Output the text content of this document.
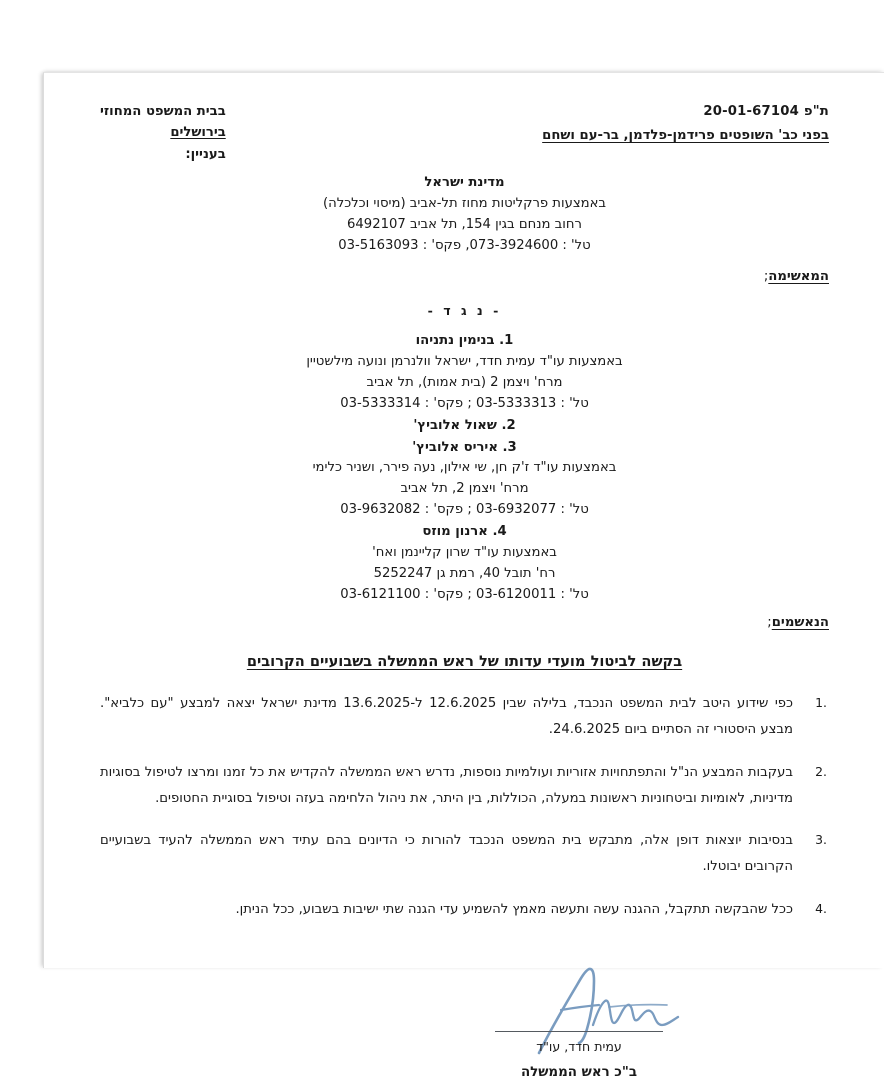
ת"פ 20-01-67104
בפני כב' השופטים פרידמן-פלדמן, בר-עם ושחם
בבית המשפט המחוזי
בירושלים
בעניין:
מדינת ישראל
באמצעות פרקליטות מחוז תל-אביב (מיסוי וכלכלה)
רחוב מנחם בגין 154, תל אביב 6492107
טל' : 073-3924600, פקס' : 03-5163093
המאשימה;
- נ ג ד -
1. בנימין נתניהו
באמצעות עו"ד עמית חדד, ישראל וולנרמן ונועה מילשטיין
מרח' ויצמן 2 (בית אמות), תל אביב
טל' : 03-5333313 ; פקס' : 03-5333314
2. שאול אלוביץ'
3. איריס אלוביץ'
באמצעות עו"ד ז'ק חן, שי אילון, נעה פירר, ושניר כלימי
מרח' ויצמן 2, תל אביב
טל' : 03-6932077 ; פקס' : 03-9632082
4. ארנון מוזס
באמצעות עו"ד שרון קליינמן ואח'
רח' תובל 40, רמת גן 5252247
טל' : 03-6120011 ; פקס' : 03-6121100
הנאשמים;
בקשה לביטול מועדי עדותו של ראש הממשלה בשבועיים הקרובים
1.
כפי שידוע היטב לבית המשפט הנכבד, בלילה שבין 12.6.2025 ל-13.6.2025 מדינת ישראל יצאה למבצע "עם כלביא". מבצע היסטורי זה הסתיים ביום 24.6.2025.
2.
בעקבות המבצע הנ"ל והתפתחויות אזוריות ועולמיות נוספות, נדרש ראש הממשלה להקדיש את כל זמנו ומרצו לטיפול בסוגיות מדיניות, לאומיות וביטחוניות ראשונות במעלה, הכוללות, בין היתר, את ניהול הלחימה בעזה וטיפול בסוגיית החטופים.
3.
בנסיבות יוצאות דופן אלה, מתבקש בית המשפט הנכבד להורות כי הדיונים בהם עתיד ראש הממשלה להעיד בשבועיים הקרובים יבוטלו.
4.
ככל שהבקשה תתקבל, ההגנה עשה ותעשה מאמץ להשמיע עדי הגנה שתי ישיבות בשבוע, ככל הניתן.
עמית חדד, עו"ד
ב"כ ראש הממשלה
